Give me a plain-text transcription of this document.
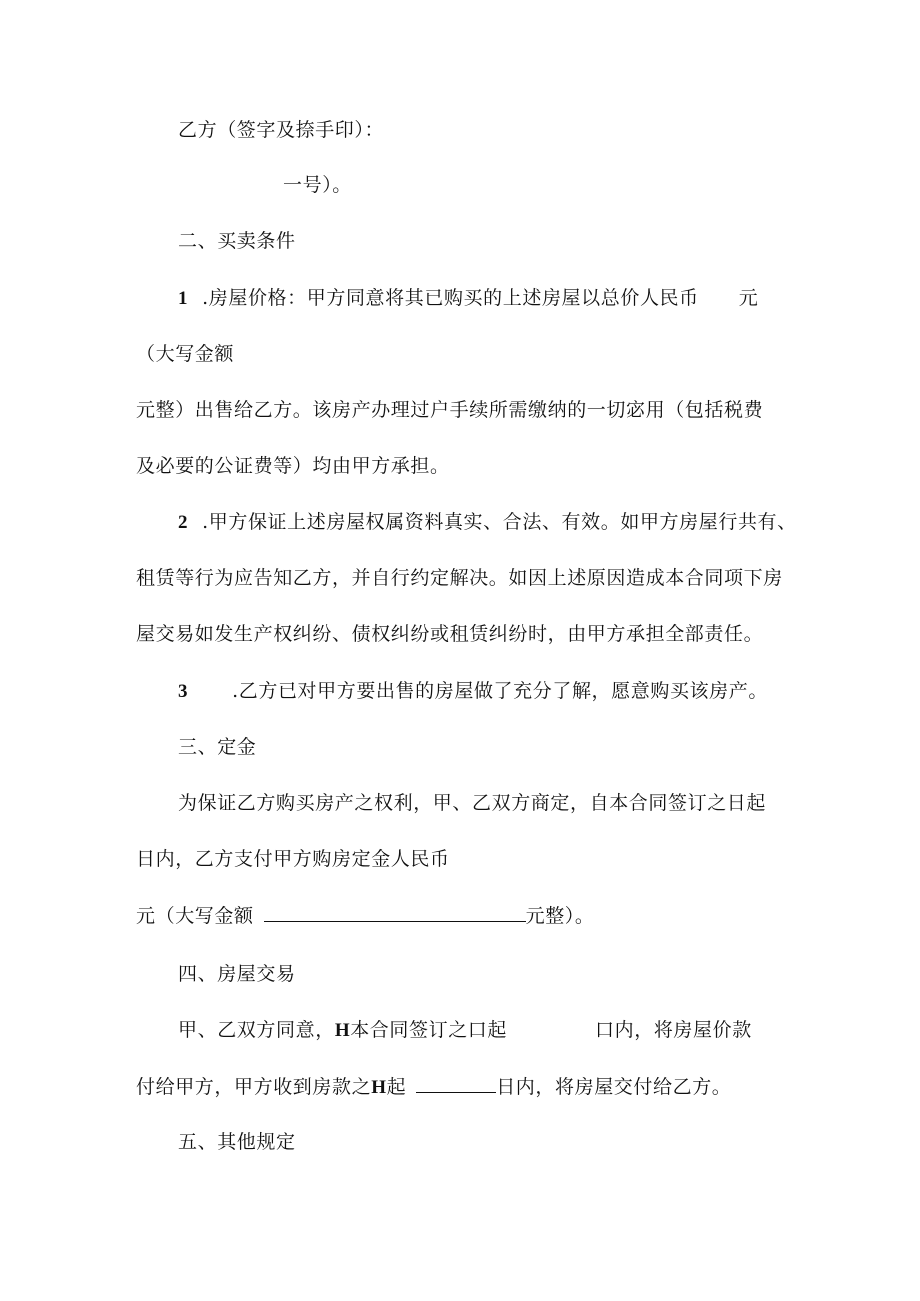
乙方（签字及捺手印）：
一号）。
二、买卖条件
1 .房屋价格：甲方同意将其已购买的上述房屋以总价人民币 元
（大写金额
元整）出售给乙方。该房产办理过户手续所需缴纳的一切宓用（包括税费
及必要的公证费等）均由甲方承担。
2 .甲方保证上述房屋权属资料真实、合法、有效。如甲方房屋行共有、
租赁等行为应告知乙方，并自行约定解决。如因上述原因造成本合同项下房
屋交易如发生产权纠纷、债权纠纷或租赁纠纷时，由甲方承担全部责任。
3 .乙方已对甲方要出售的房屋做了充分了解，愿意购买该房产。
三、定金
为保证乙方购买房产之权利，甲、乙双方商定，自本合同签订之日起
日内，乙方支付甲方购房定金人民币
元（大写金额	元整）。
四、房屋交易
甲、乙双方同意，H本合同签订之口起	口内，将房屋价款
付给甲方，甲方收到房款之H起	日内，将房屋交付给乙方。
五、其他规定
